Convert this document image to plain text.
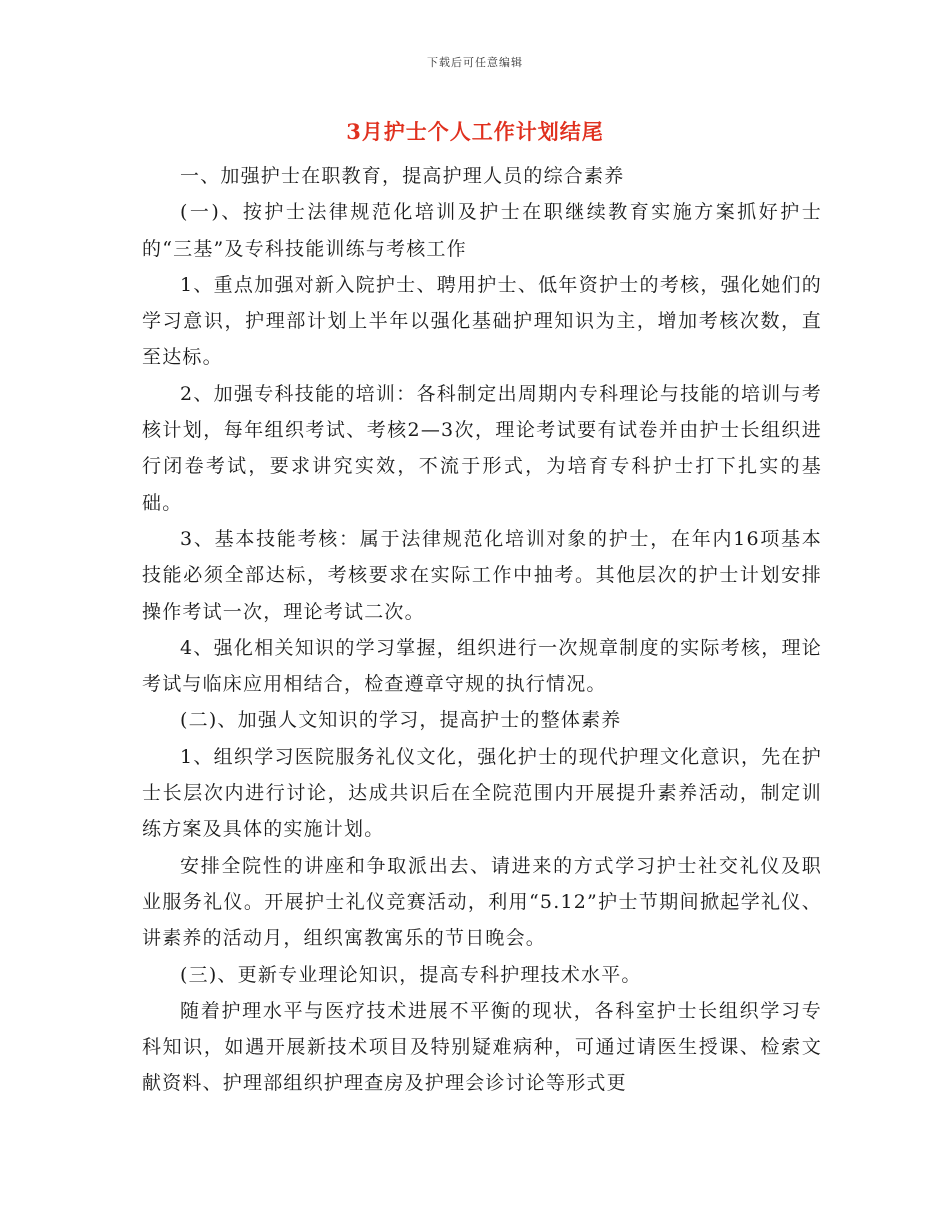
下载后可任意编辑
3月护士个人工作计划结尾

一、加强护士在职教育，提高护理人员的综合素养

(一)、按护士法律规范化培训及护士在职继续教育实施方案抓好护士的“三基”及专科技能训练与考核工作

1、重点加强对新入院护士、聘用护士、低年资护士的考核，强化她们的学习意识，护理部计划上半年以强化基础护理知识为主，增加考核次数，直至达标。

2、加强专科技能的培训：各科制定出周期内专科理论与技能的培训与考核计划，每年组织考试、考核2—3次，理论考试要有试卷并由护士长组织进行闭卷考试，要求讲究实效，不流于形式，为培育专科护士打下扎实的基础。

3、基本技能考核：属于法律规范化培训对象的护士，在年内16项基本技能必须全部达标，考核要求在实际工作中抽考。其他层次的护士计划安排操作考试一次，理论考试二次。

4、强化相关知识的学习掌握，组织进行一次规章制度的实际考核，理论考试与临床应用相结合，检查遵章守规的执行情况。

(二)、加强人文知识的学习，提高护士的整体素养

1、组织学习医院服务礼仪文化，强化护士的现代护理文化意识，先在护士长层次内进行讨论，达成共识后在全院范围内开展提升素养活动，制定训练方案及具体的实施计划。

安排全院性的讲座和争取派出去、请进来的方式学习护士社交礼仪及职业服务礼仪。开展护士礼仪竞赛活动，利用“5.12”护士节期间掀起学礼仪、讲素养的活动月，组织寓教寓乐的节日晚会。

(三)、更新专业理论知识，提高专科护理技术水平。

随着护理水平与医疗技术进展不平衡的现状，各科室护士长组织学习专科知识，如遇开展新技术项目及特别疑难病种，可通过请医生授课、检索文献资料、护理部组织护理查房及护理会诊讨论等形式更
